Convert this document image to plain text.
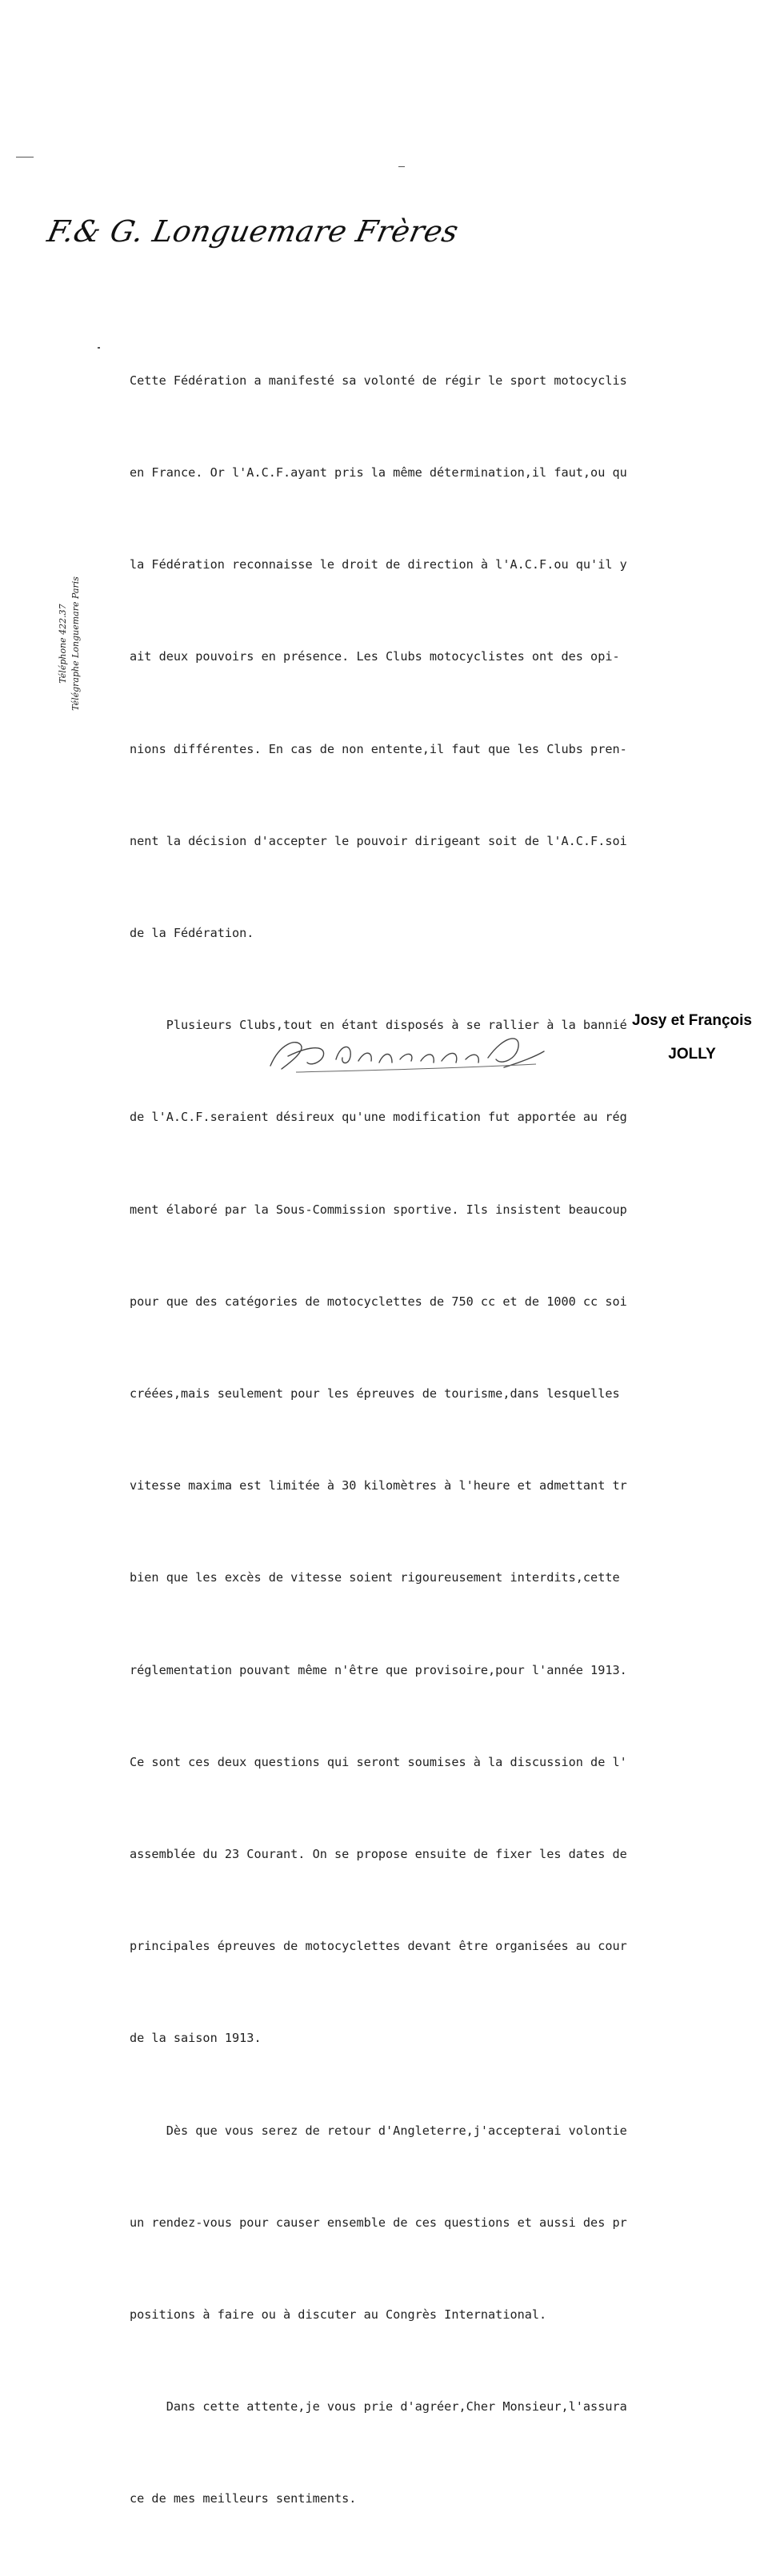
F.& G. Longuemare Frères
Téléphone 422.37 Télégraphe Longuemare Paris

Cette Fédération a manifesté sa volonté de régir le sport motocyclis

en France. Or l'A.C.F.ayant pris la même détermination,il faut,ou qu

la Fédération reconnaisse le droit de direction à l'A.C.F.ou qu'il y

ait deux pouvoirs en présence. Les Clubs motocyclistes ont des opi-

nions différentes. En cas de non entente,il faut que les Clubs pren-

nent la décision d'accepter le pouvoir dirigeant soit de l'A.C.F.soi

de la Fédération.

Plusieurs Clubs,tout en étant disposés à se rallier à la bannié

de l'A.C.F.seraient désireux qu'une modification fut apportée au rég

ment élaboré par la Sous-Commission sportive. Ils insistent beaucoup

pour que des catégories de motocyclettes de 750 cc et de 1000 cc soi

créées,mais seulement pour les épreuves de tourisme,dans lesquelles

vitesse maxima est limitée à 30 kilomètres à l'heure et admettant tr

bien que les excès de vitesse soient rigoureusement interdits,cette

réglementation pouvant même n'être que provisoire,pour l'année 1913.

Ce sont ces deux questions qui seront soumises à la discussion de l'

assemblée du 23 Courant. On se propose ensuite de fixer les dates de

principales épreuves de motocyclettes devant être organisées au cour

de la saison 1913.

Dès que vous serez de retour d'Angleterre,j'accepterai volontie

un rendez-vous pour causer ensemble de ces questions et aussi des pr

positions à faire ou à discuter au Congrès International.

Dans cette attente,je vous prie d'agréer,Cher Monsieur,l'assura

ce de mes meilleurs sentiments.

Josy et François
JOLLY
